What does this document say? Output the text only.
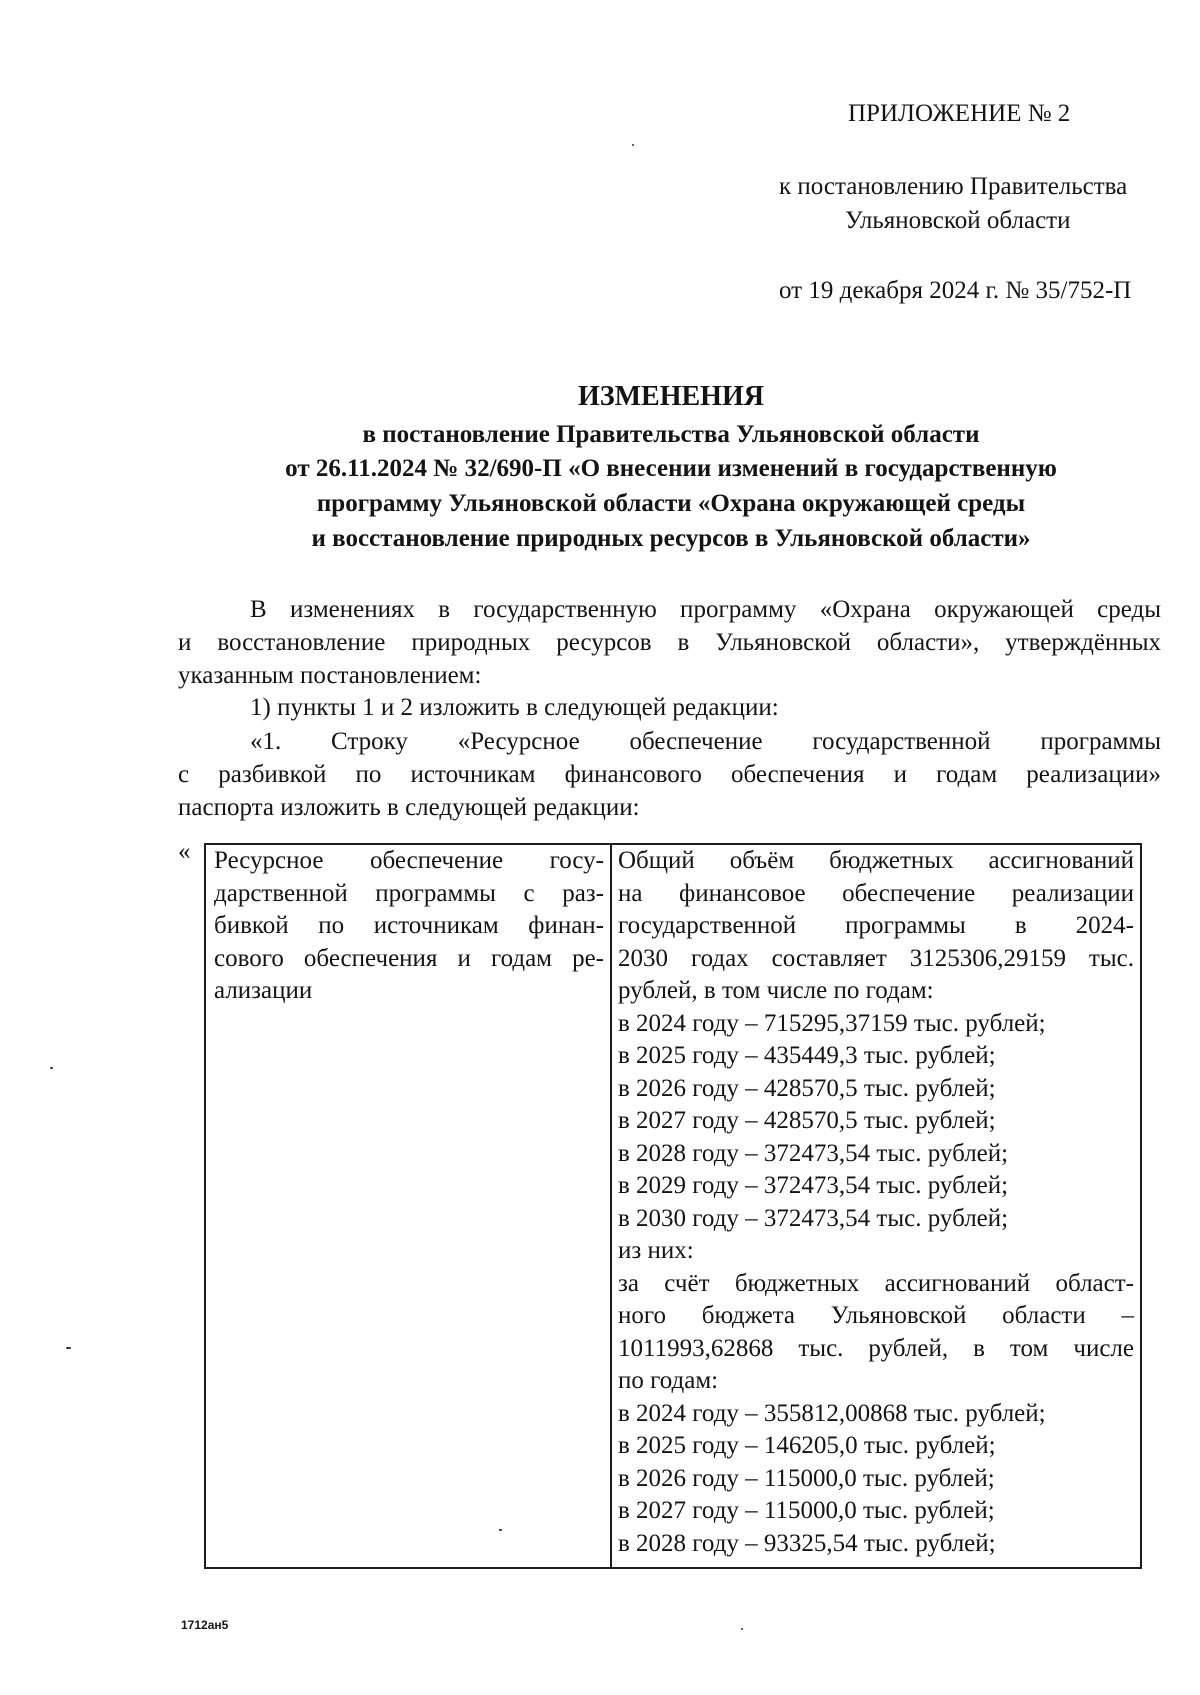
ПРИЛОЖЕНИЕ № 2
к постановлению Правительства
Ульяновской области
от 19 декабря 2024 г. № 35/752-П
ИЗМЕНЕНИЯ
в постановление Правительства Ульяновской области
от 26.11.2024 № 32/690-П «О внесении изменений в государственную
программу Ульяновской области «Охрана окружающей среды
и восстановление природных ресурсов в Ульяновской области»
В изменениях в государственную программу «Охрана окружающей среды
и восстановление природных ресурсов в Ульяновской области», утверждённых
указанным постановлением:
1) пункты 1 и 2 изложить в следующей редакции:
«1. Строку «Ресурсное обеспечение государственной программы
с разбивкой по источникам финансового обеспечения и годам реализации»
паспорта изложить в следующей редакции:
« Ресурсное обеспечение госу-
дарственной программы с раз-
бивкой по источникам финан-
сового обеспечения и годам ре-
ализации
Общий объём бюджетных ассигнований
на финансовое обеспечение реализации
государственной программы в 2024-
2030 годах составляет 3125306,29159 тыс.
рублей, в том числе по годам:
в 2024 году – 715295,37159 тыс. рублей;
в 2025 году – 435449,3 тыс. рублей;
в 2026 году – 428570,5 тыс. рублей;
в 2027 году – 428570,5 тыс. рублей;
в 2028 году – 372473,54 тыс. рублей;
в 2029 году – 372473,54 тыс. рублей;
в 2030 году – 372473,54 тыс. рублей;
из них:
за счёт бюджетных ассигнований област-
ного бюджета Ульяновской области –
1011993,62868 тыс. рублей, в том числе
по годам:
в 2024 году – 355812,00868 тыс. рублей;
в 2025 году – 146205,0 тыс. рублей;
в 2026 году – 115000,0 тыс. рублей;
в 2027 году – 115000,0 тыс. рублей;
в 2028 году – 93325,54 тыс. рублей;
1712ан5
